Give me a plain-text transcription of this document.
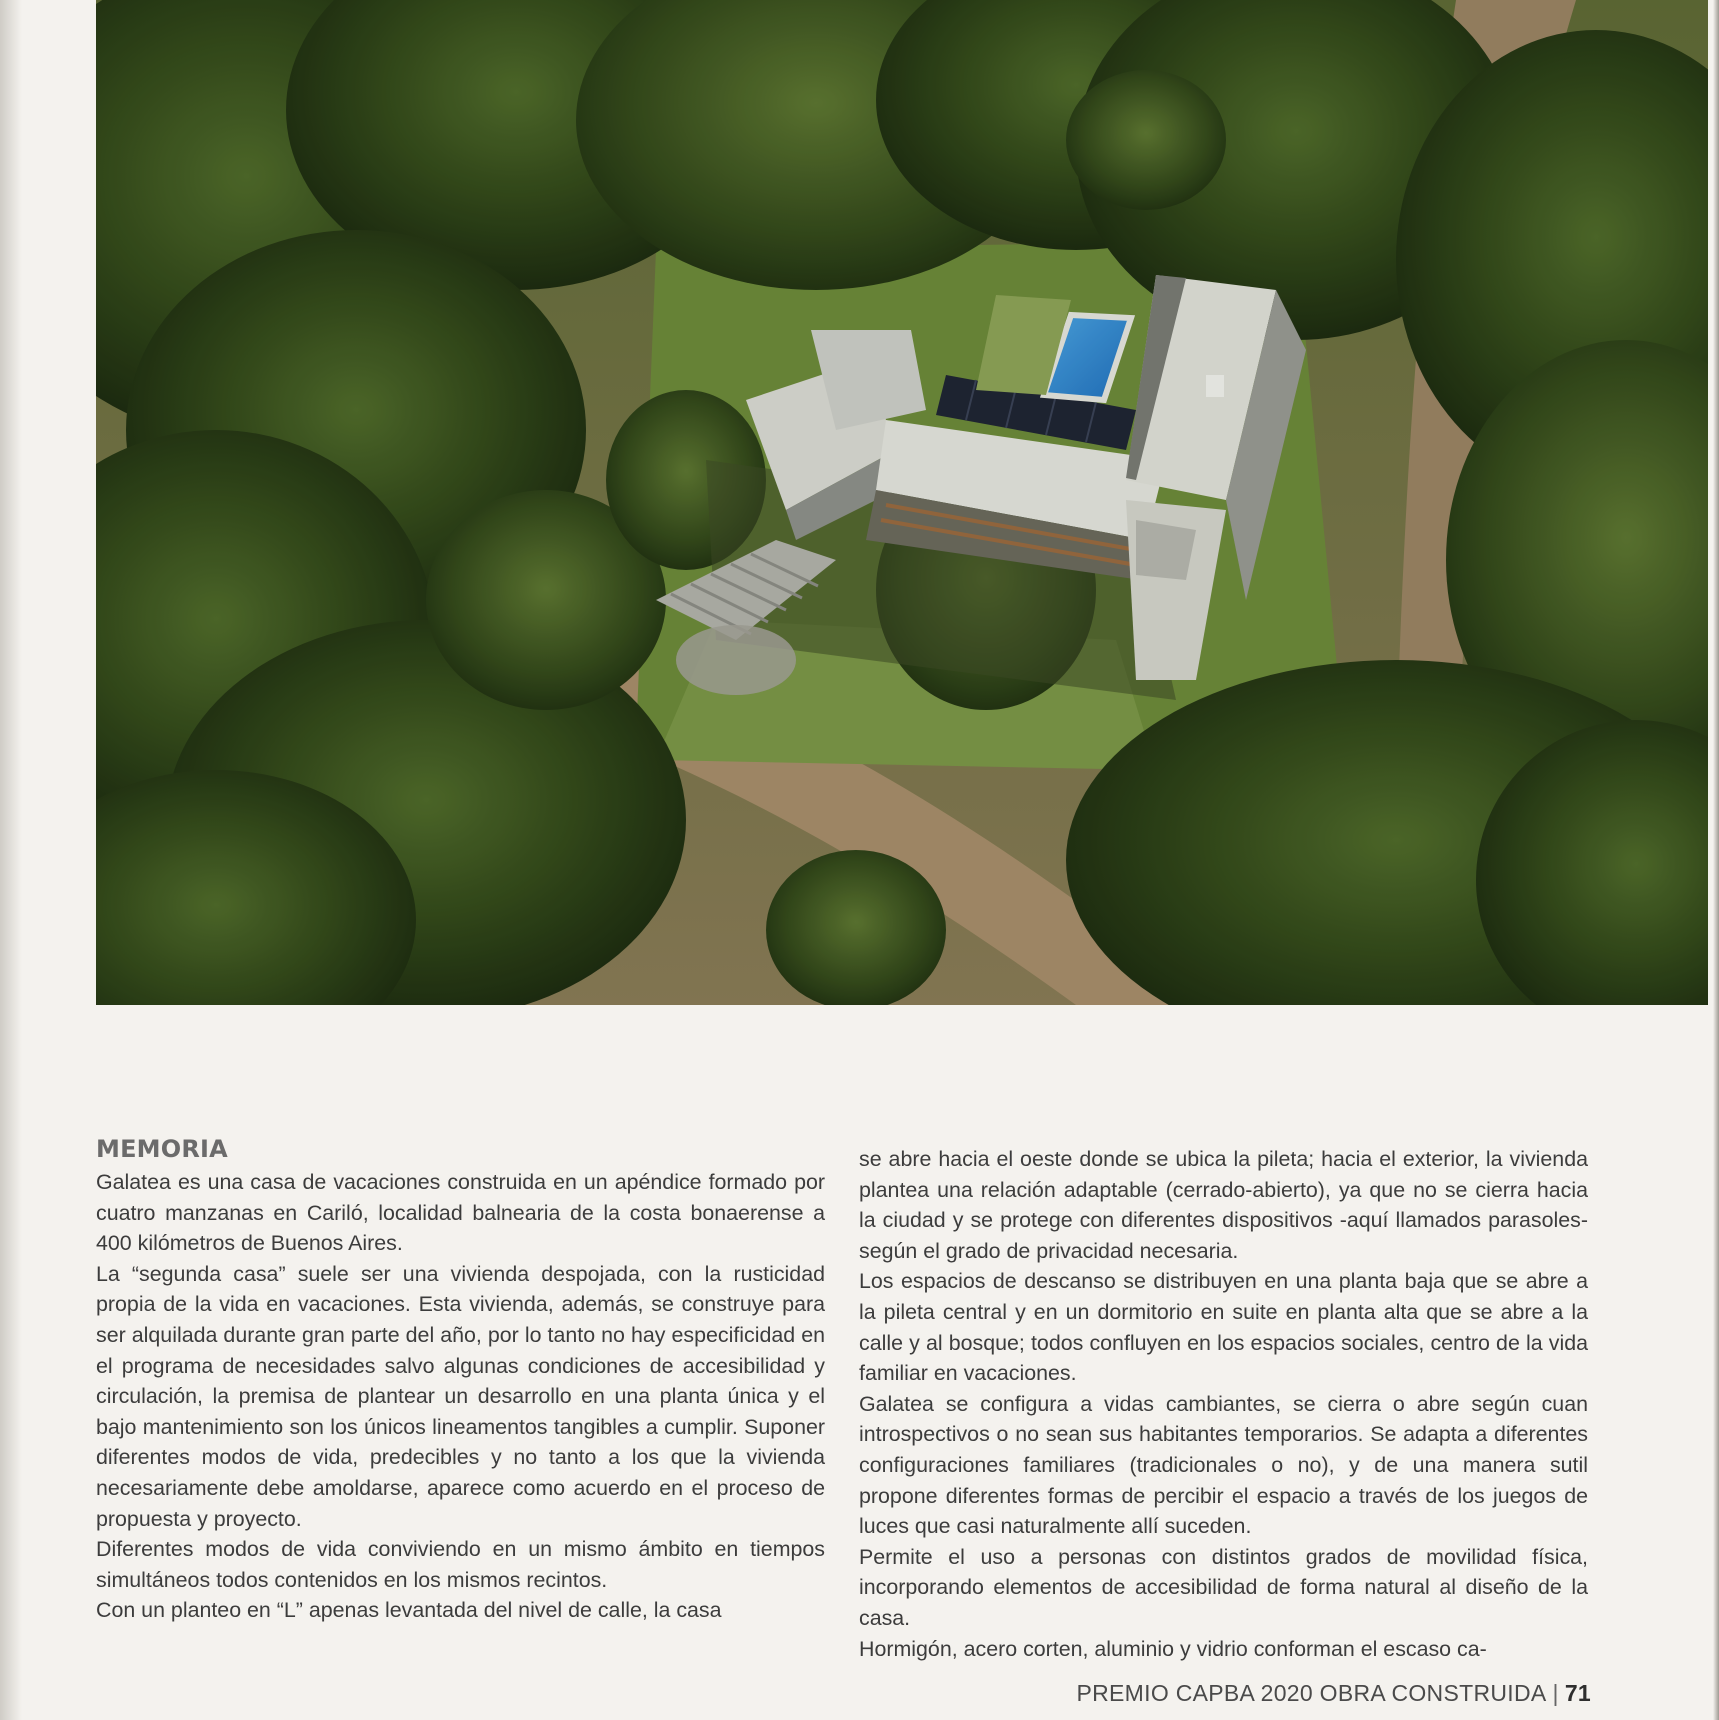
MEMORIA

Galatea es una casa de vacaciones construida en un apéndice formado por cuatro manzanas en Cariló, localidad balnearia de la costa bonaerense a 400 kilómetros de Buenos Aires.

La “segunda casa” suele ser una vivienda despojada, con la rusticidad propia de la vida en vacaciones. Esta vivienda, además, se construye para ser alquilada durante gran parte del año, por lo tanto no hay especificidad en el programa de necesidades salvo algunas condiciones de accesibilidad y circulación, la premisa de plantear un desarrollo en una planta única y el bajo mantenimiento son los únicos lineamentos tangibles a cumplir. Suponer diferentes modos de vida, predecibles y no tanto a los que la vivienda necesariamente debe amoldarse, aparece como acuerdo en el proceso de propuesta y proyecto.

Diferentes modos de vida conviviendo en un mismo ámbito en tiempos simultáneos todos contenidos en los mismos recintos.

Con un planteo en “L” apenas levantada del nivel de calle, la casa

se abre hacia el oeste donde se ubica la pileta; hacia el exterior, la vivienda plantea una relación adaptable (cerrado-abierto), ya que no se cierra hacia la ciudad y se protege con diferentes dispositivos -aquí llamados parasoles- según el grado de privacidad necesaria.

Los espacios de descanso se distribuyen en una planta baja que se abre a la pileta central y en un dormitorio en suite en planta alta que se abre a la calle y al bosque; todos confluyen en los espacios sociales, centro de la vida familiar en vacaciones.

Galatea se configura a vidas cambiantes, se cierra o abre según cuan introspectivos o no sean sus habitantes temporarios. Se adapta a diferentes configuraciones familiares (tradicionales o no), y de una manera sutil propone diferentes formas de percibir el espacio a través de los juegos de luces que casi naturalmente allí suceden.

Permite el uso a personas con distintos grados de movilidad física, incorporando elementos de accesibilidad de forma natural al diseño de la casa.

Hormigón, acero corten, aluminio y vidrio conforman el escaso ca-

PREMIO CAPBA 2020 OBRA CONSTRUIDA | 71
